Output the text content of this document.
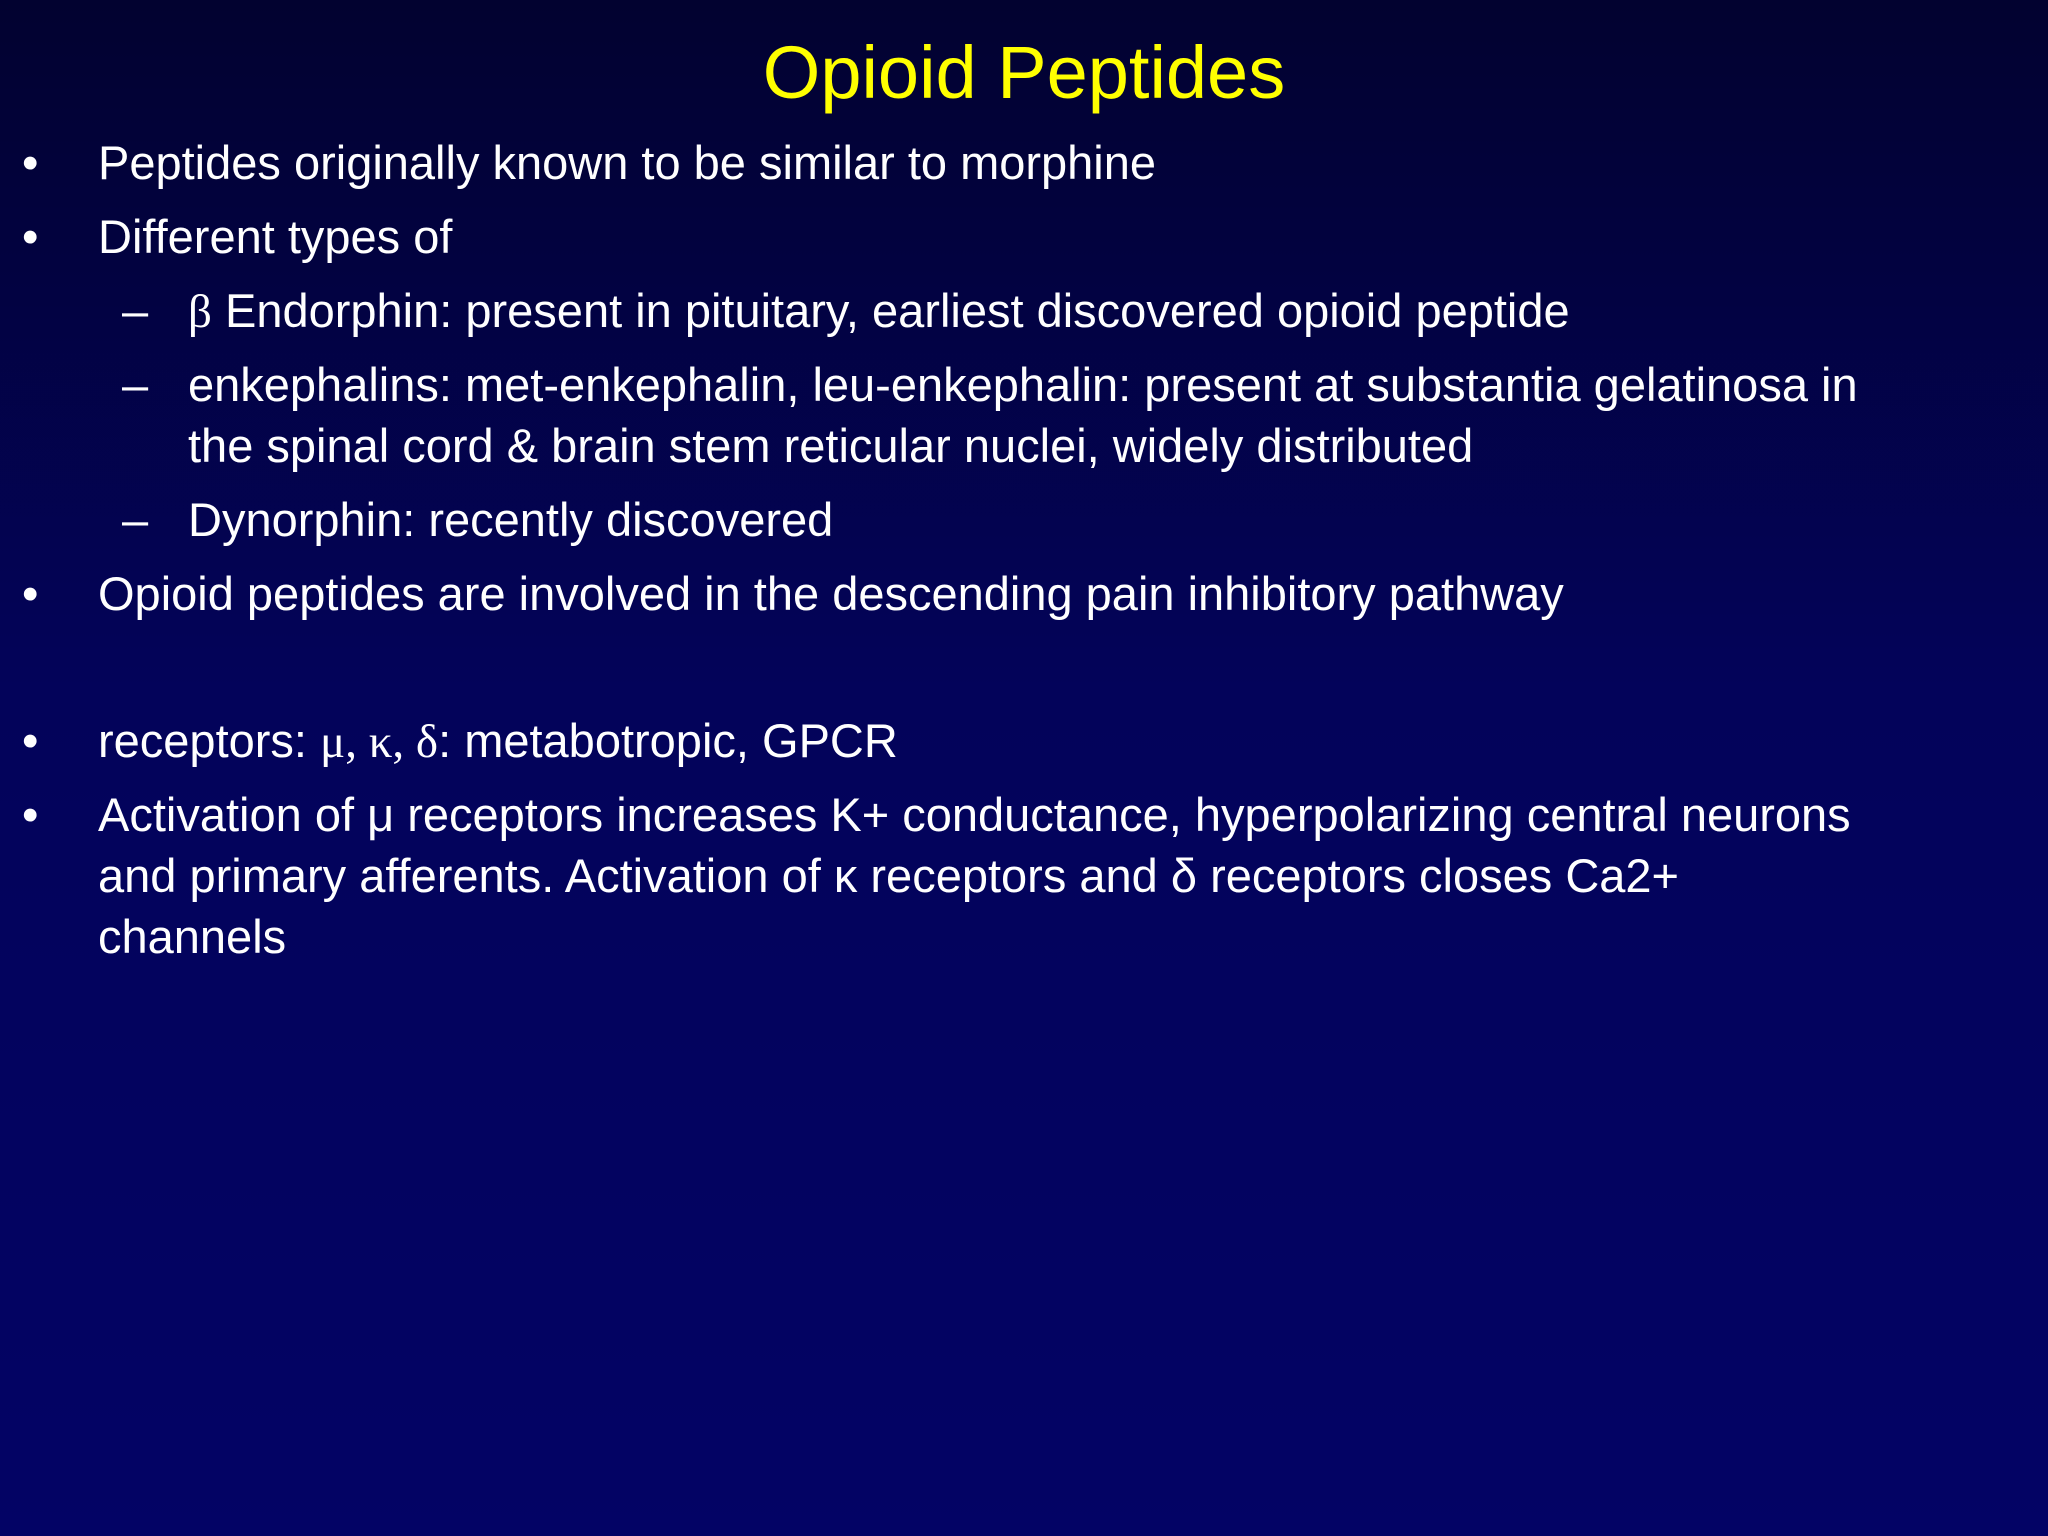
Opioid Peptides
• Peptides originally known to be similar to morphine
• Different types of
– β Endorphin: present in pituitary, earliest discovered opioid peptide
– enkephalins: met-enkephalin, leu-enkephalin: present at substantia gelatinosa in
the spinal cord & brain stem reticular nuclei, widely distributed
– Dynorphin: recently discovered
• Opioid peptides are involved in the descending pain inhibitory pathway
• receptors: μ, κ, δ: metabotropic, GPCR
• Activation of μ receptors increases K+ conductance, hyperpolarizing central neurons
and primary afferents. Activation of κ receptors and δ receptors closes Ca2+
channels
